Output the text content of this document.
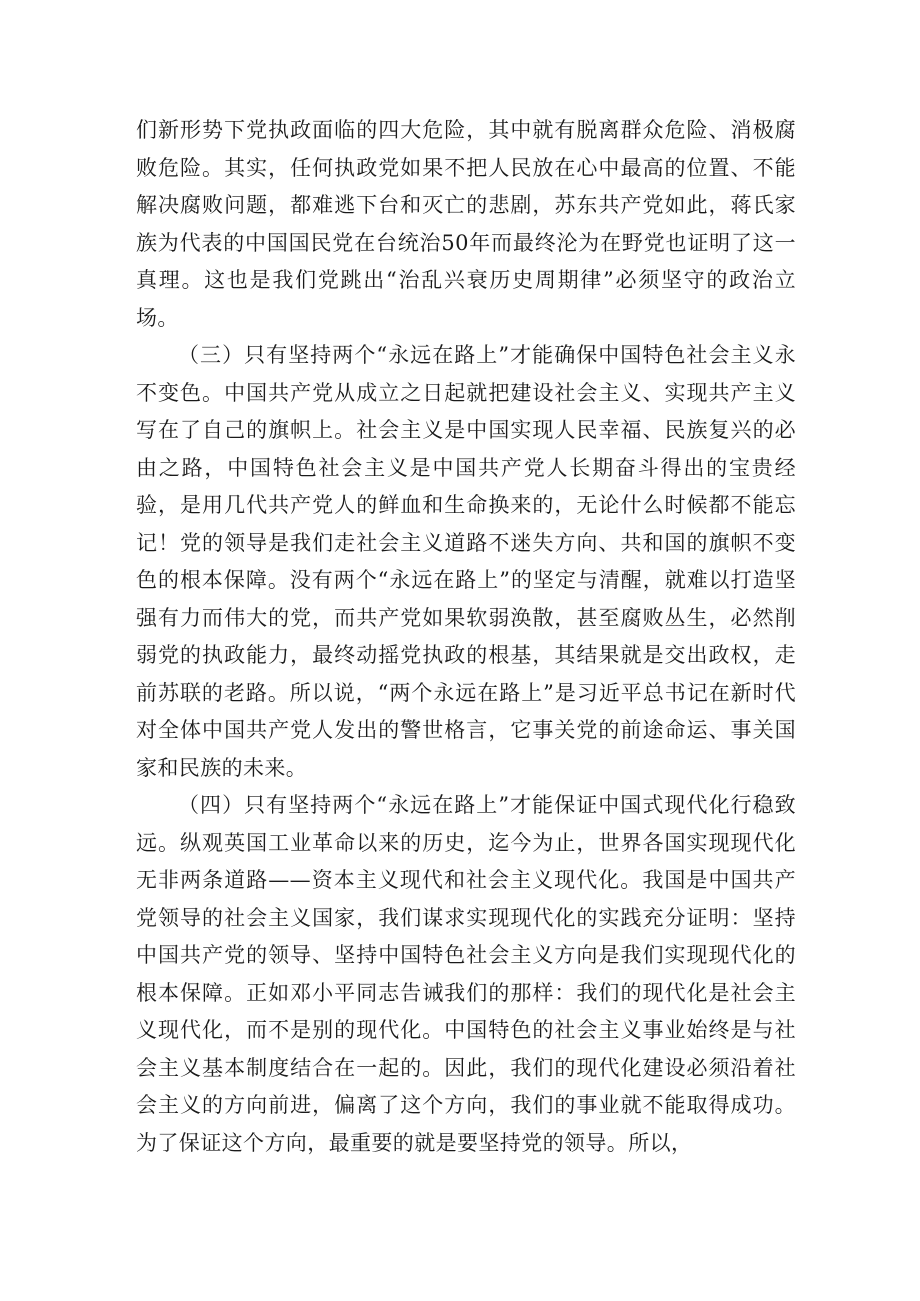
们新形势下党执政面临的四大危险，其中就有脱离群众危险、消极腐败危险。其实，任何执政党如果不把人民放在心中最高的位置、不能解决腐败问题，都难逃下台和灭亡的悲剧，苏东共产党如此，蒋氏家族为代表的中国国民党在台统治50年而最终沦为在野党也证明了这一真理。这也是我们党跳出“治乱兴衰历史周期律”必须坚守的政治立场。

（三）只有坚持两个“永远在路上”才能确保中国特色社会主义永不变色。中国共产党从成立之日起就把建设社会主义、实现共产主义写在了自己的旗帜上。社会主义是中国实现人民幸福、民族复兴的必由之路，中国特色社会主义是中国共产党人长期奋斗得出的宝贵经验，是用几代共产党人的鲜血和生命换来的，无论什么时候都不能忘记！党的领导是我们走社会主义道路不迷失方向、共和国的旗帜不变色的根本保障。没有两个“永远在路上”的坚定与清醒，就难以打造坚强有力而伟大的党，而共产党如果软弱涣散，甚至腐败丛生，必然削弱党的执政能力，最终动摇党执政的根基，其结果就是交出政权，走前苏联的老路。所以说，“两个永远在路上”是习近平总书记在新时代对全体中国共产党人发出的警世格言，它事关党的前途命运、事关国家和民族的未来。

（四）只有坚持两个“永远在路上”才能保证中国式现代化行稳致远。纵观英国工业革命以来的历史，迄今为止，世界各国实现现代化无非两条道路——资本主义现代和社会主义现代化。我国是中国共产党领导的社会主义国家，我们谋求实现现代化的实践充分证明：坚持中国共产党的领导、坚持中国特色社会主义方向是我们实现现代化的根本保障。正如邓小平同志告诫我们的那样：我们的现代化是社会主义现代化，而不是别的现代化。中国特色的社会主义事业始终是与社会主义基本制度结合在一起的。因此，我们的现代化建设必须沿着社会主义的方向前进，偏离了这个方向，我们的事业就不能取得成功。为了保证这个方向，最重要的就是要坚持党的领导。所以，
